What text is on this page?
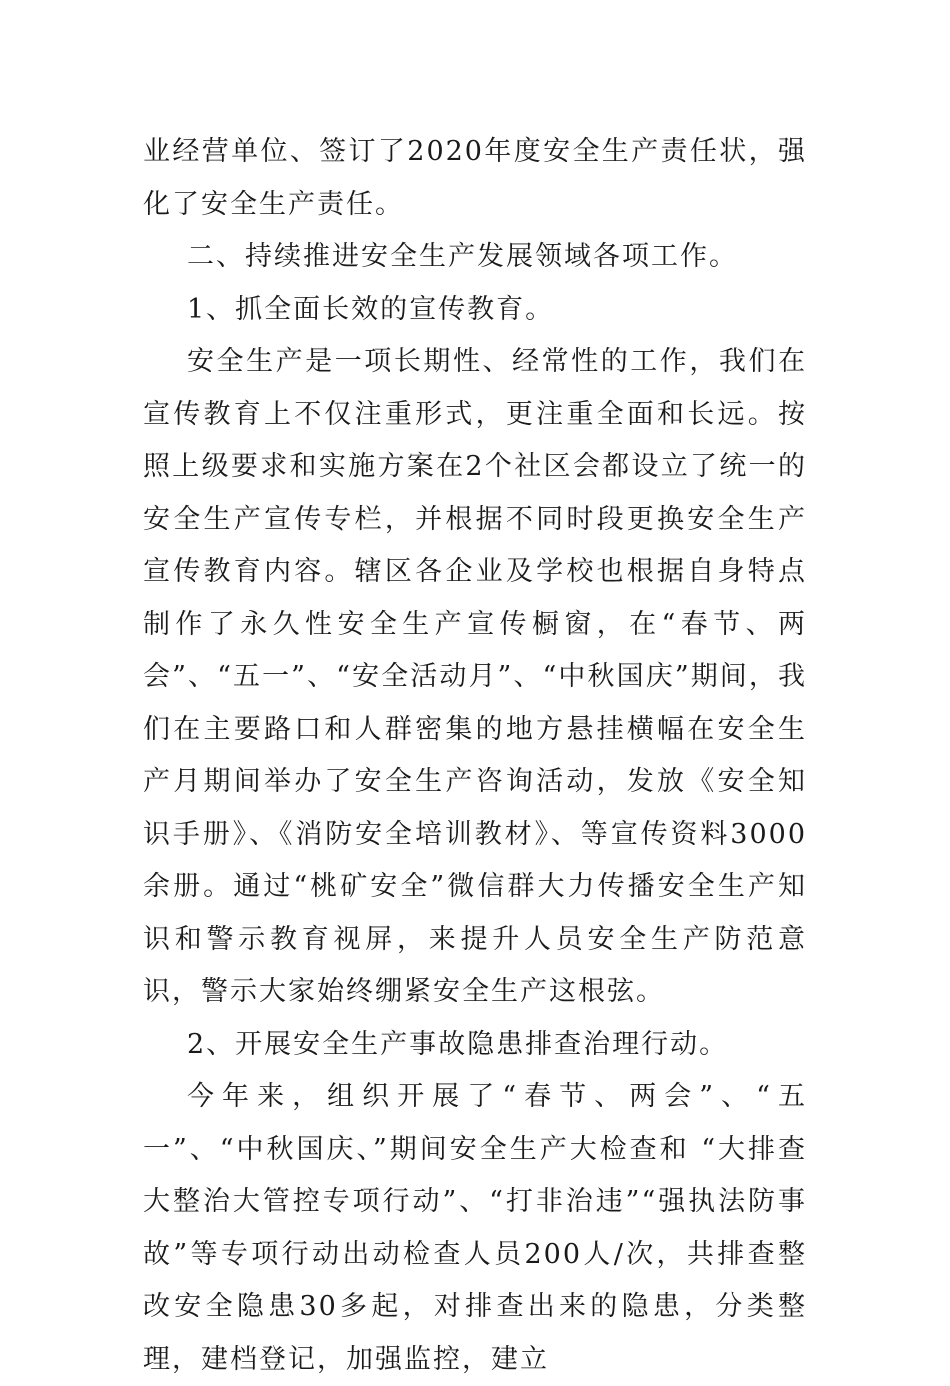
业经营单位、签订了2020年度安全生产责任状，强化了安全生产责任。

二、持续推进安全生产发展领域各项工作。

1、抓全面长效的宣传教育。

安全生产是一项长期性、经常性的工作，我们在宣传教育上不仅注重形式，更注重全面和长远。按照上级要求和实施方案在2个社区会都设立了统一的安全生产宣传专栏，并根据不同时段更换安全生产宣传教育内容。辖区各企业及学校也根据自身特点制作了永久性安全生产宣传橱窗，在“春节、两会”、“五一”、“安全活动月”、“中秋国庆”期间，我们在主要路口和人群密集的地方悬挂横幅在安全生产月期间举办了安全生产咨询活动，发放《安全知识手册》、《消防安全培训教材》、等宣传资料3000余册。通过“桃矿安全”微信群大力传播安全生产知识和警示教育视屏，来提升人员安全生产防范意识，警示大家始终绷紧安全生产这根弦。

2、开展安全生产事故隐患排查治理行动。

今年来，组织开展了“春节、两会”、“五一”、“中秋国庆、”期间安全生产大检查和 “大排查大整治大管控专项行动”、“打非治违”“强执法防事故”等专项行动出动检查人员200人/次，共排查整改安全隐患30多起，对排查出来的隐患，分类整理，建档登记，加强监控，建立
